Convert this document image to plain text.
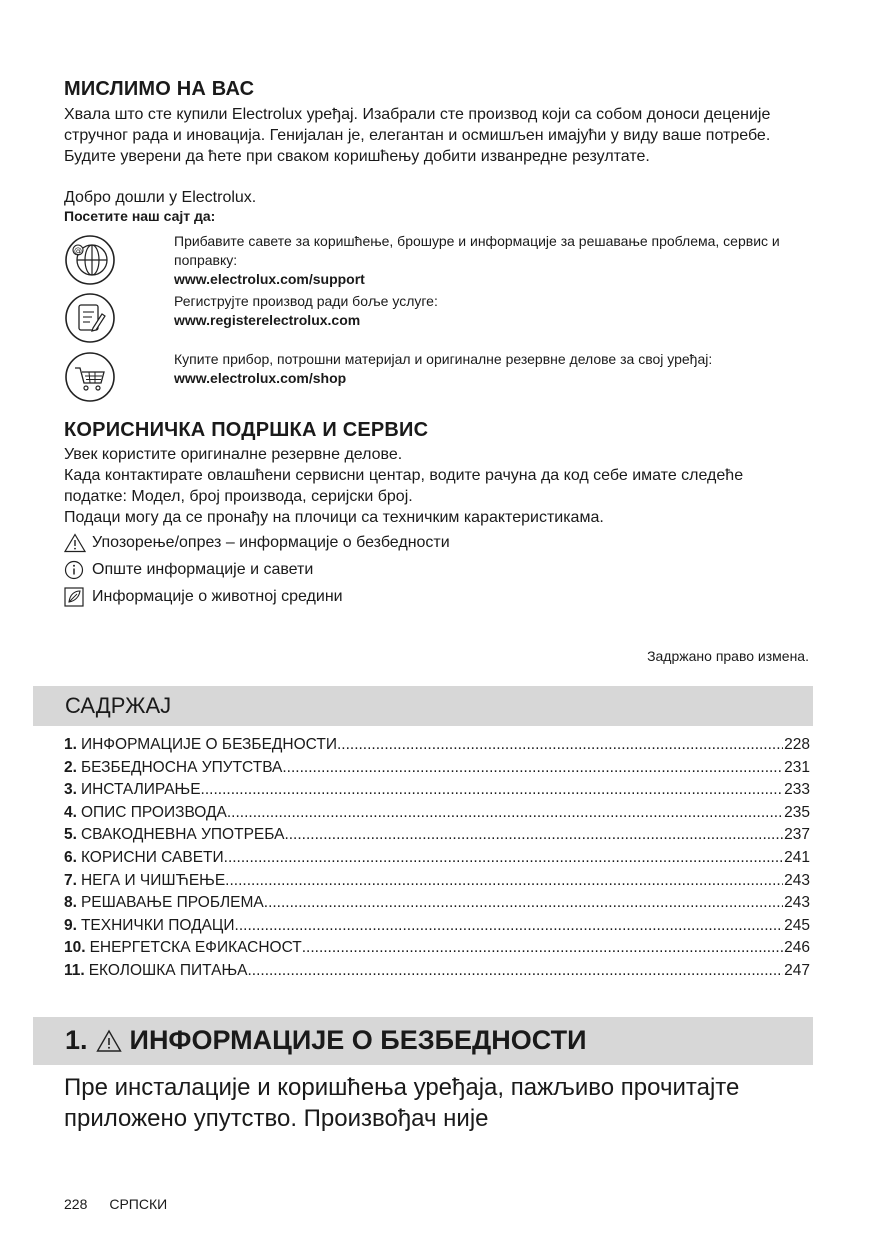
МИСЛИМО НА ВАС

Хвала што сте купили Electrolux уређај. Изабрали сте производ који са собом доноси деценије стручног рада и иновација. Генијалан је, елегантан и осмишљен имајући у виду ваше потребе. Будите уверени да ћете при сваком коришћењу добити изванредне резултате.

Добро дошли у Electrolux.

Посетите наш сајт да:

@
Прибавите савете за коришћење, брошуре и информације за решавање проблема, сервис и поправку:
www.electrolux.com/support
Региструјте производ ради боље услуге:
www.registerelectrolux.com
Купите прибор, потрошни материјал и оригиналне резервне делове за свој уређај:
www.electrolux.com/shop
КОРИСНИЧКА ПОДРШКА И СЕРВИС

Увек користите оригиналне резервне делове.

Када контактирате овлашћени сервисни центар, водите рачуна да код себе имате следеће податке: Модел, број производа, серијски број.

Подаци могу да се пронађу на плочици са техничким карактеристикама.

Упозорење/опрез – информације о безбедности
Опште информације и савети
Информације о животној средини

Задржано право измена.

САДРЖАЈ
1. ИНФОРМАЦИЈЕ О БЕЗБЕДНОСТИ .....	228
2. БЕЗБЕДНОСНА УПУТСТВА .....	231
3. ИНСТАЛИРАЊЕ .....	233
4. ОПИС ПРОИЗВОДА .....	235
5. СВАКОДНЕВНА УПОТРЕБА .....	237
6. КОРИСНИ САВЕТИ .....	241
7. НЕГА И ЧИШЋЕЊЕ .....	243
8. РЕШАВАЊЕ ПРОБЛЕМА .....	243
9. ТЕХНИЧКИ ПОДАЦИ .....	245
10. ЕНЕРГЕТСКА ЕФИКАСНОСТ .....	246
11. ЕКОЛОШКА ПИТАЊА .....	247
1. ИНФОРМАЦИЈЕ О БЕЗБЕДНОСТИ

Пре инсталације и коришћења уређаја, пажљиво прочитајте приложено упутство. Произвођач није

228 СРПСКИ
